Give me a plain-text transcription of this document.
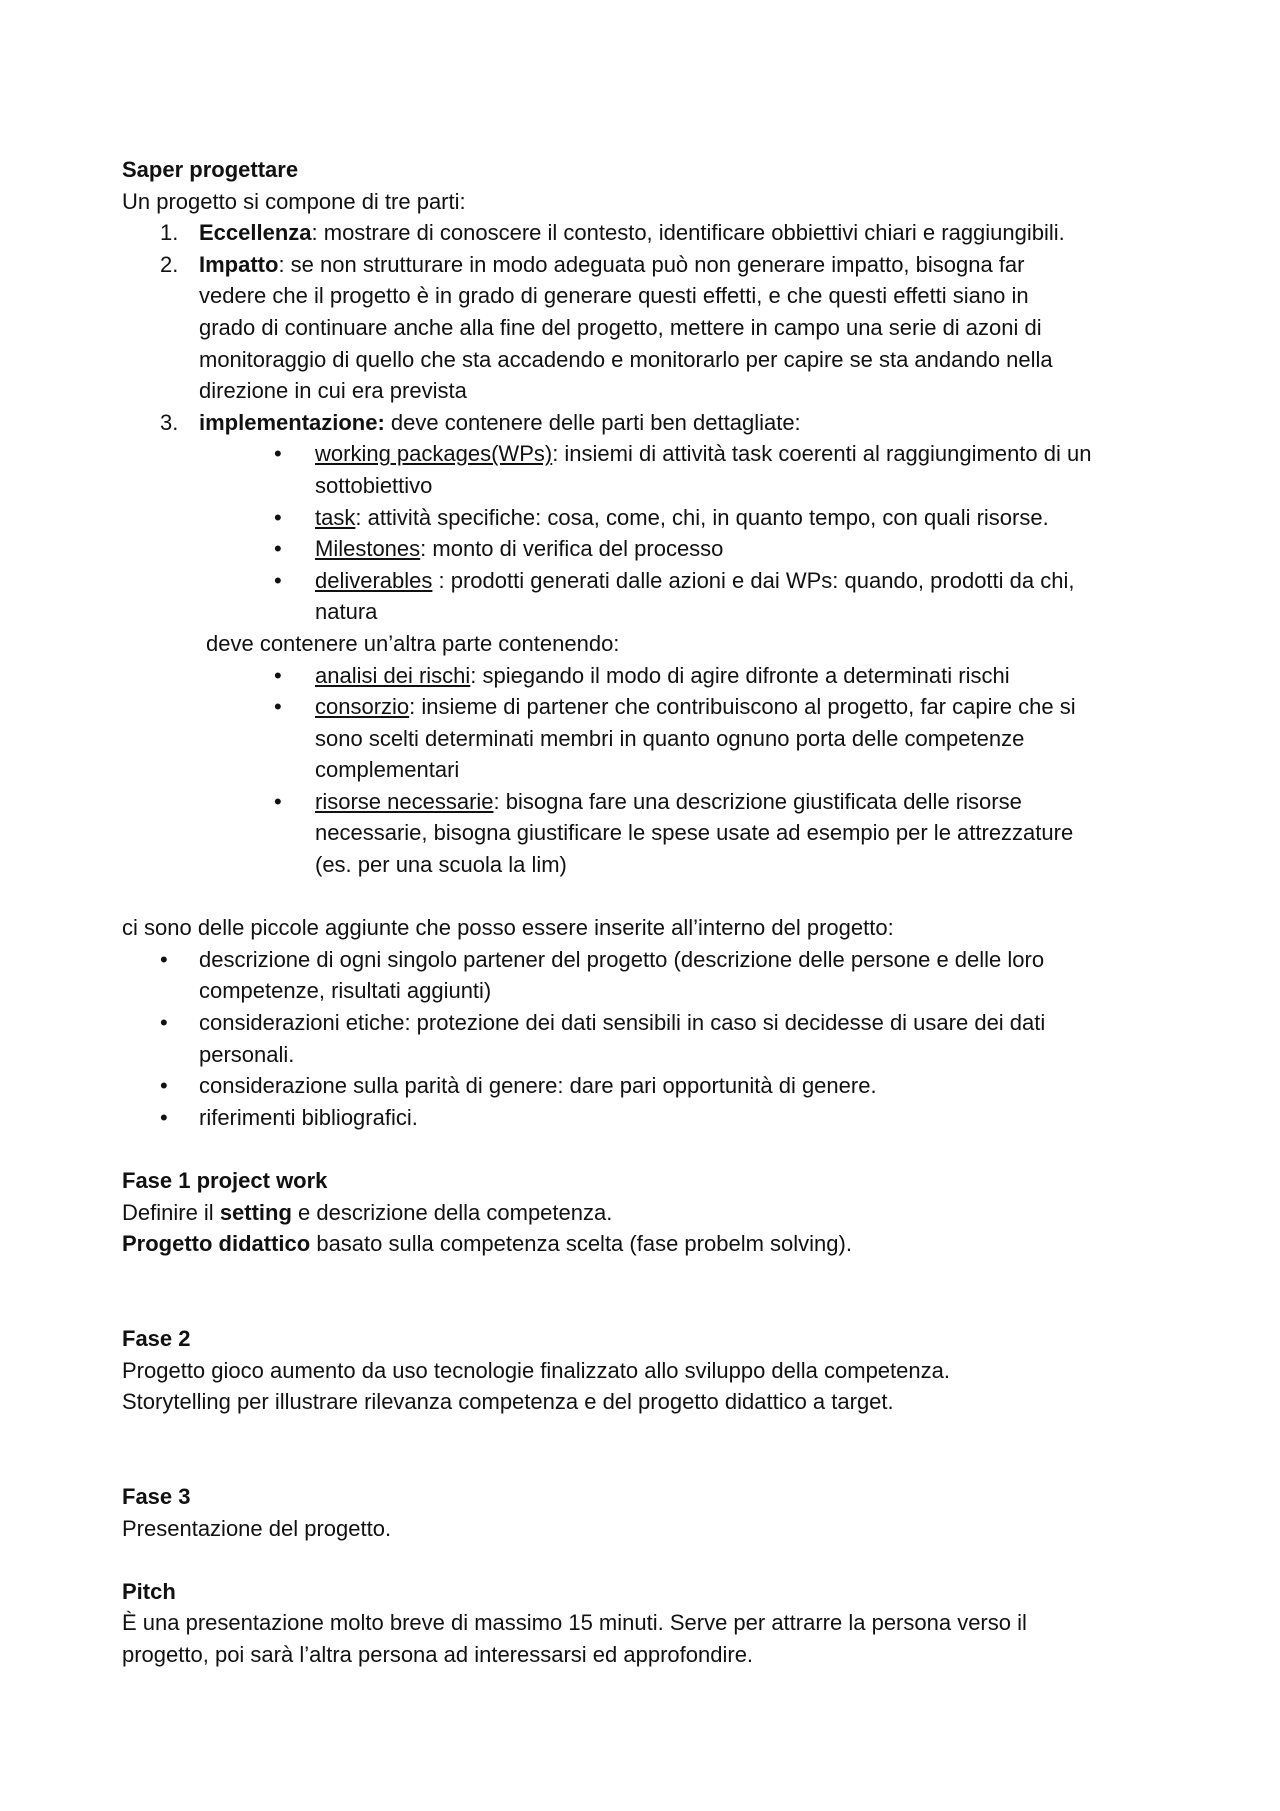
Saper progettare
Un progetto si compone di tre parti:
1. Eccellenza: mostrare di conoscere il contesto, identificare obbiettivi chiari e raggiungibili.
2. Impatto: se non strutturare in modo adeguata può non generare impatto, bisogna far
vedere che il progetto è in grado di generare questi effetti, e che questi effetti siano in
grado di continuare anche alla fine del progetto, mettere in campo una serie di azoni di
monitoraggio di quello che sta accadendo e monitorarlo per capire se sta andando nella
direzione in cui era prevista
3. implementazione: deve contenere delle parti ben dettagliate:
• working packages(WPs): insiemi di attività task coerenti al raggiungimento di un
sottobiettivo
• task: attività specifiche: cosa, come, chi, in quanto tempo, con quali risorse.
• Milestones: monto di verifica del processo
• deliverables : prodotti generati dalle azioni e dai WPs: quando, prodotti da chi,
natura
deve contenere un’altra parte contenendo:
• analisi dei rischi: spiegando il modo di agire difronte a determinati rischi
• consorzio: insieme di partener che contribuiscono al progetto, far capire che si
sono scelti determinati membri in quanto ognuno porta delle competenze
complementari
• risorse necessarie: bisogna fare una descrizione giustificata delle risorse
necessarie, bisogna giustificare le spese usate ad esempio per le attrezzature
(es. per una scuola la lim)
ci sono delle piccole aggiunte che posso essere inserite all’interno del progetto:
• descrizione di ogni singolo partener del progetto (descrizione delle persone e delle loro
competenze, risultati aggiunti)
• considerazioni etiche: protezione dei dati sensibili in caso si decidesse di usare dei dati
personali.
• considerazione sulla parità di genere: dare pari opportunità di genere.
• riferimenti bibliografici.
Fase 1 project work
Definire il setting e descrizione della competenza.
Progetto didattico basato sulla competenza scelta (fase probelm solving).
Fase 2
Progetto gioco aumento da uso tecnologie finalizzato allo sviluppo della competenza.
Storytelling per illustrare rilevanza competenza e del progetto didattico a target.
Fase 3
Presentazione del progetto.
Pitch
È una presentazione molto breve di massimo 15 minuti. Serve per attrarre la persona verso il
progetto, poi sarà l’altra persona ad interessarsi ed approfondire.
